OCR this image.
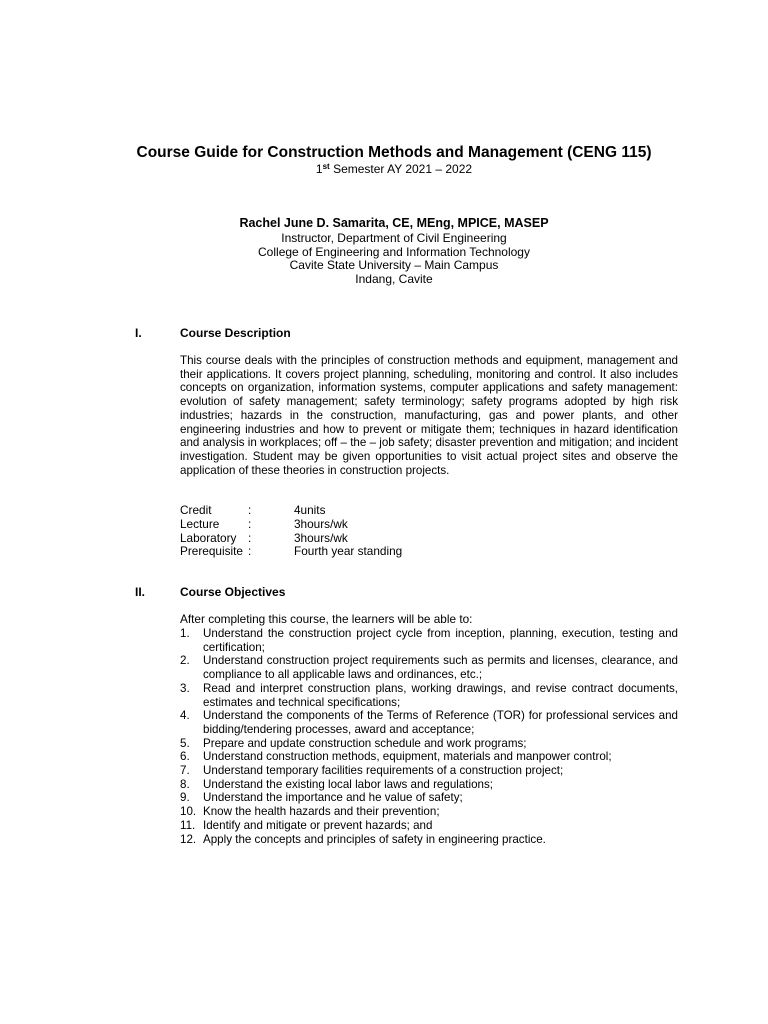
Course Guide for Construction Methods and Management (CENG 115)
1st Semester AY 2021 – 2022
Rachel June D. Samarita, CE, MEng, MPICE, MASEP
Instructor, Department of Civil Engineering
College of Engineering and Information Technology
Cavite State University – Main Campus
Indang, Cavite
I.	Course Description
This course deals with the principles of construction methods and equipment, management and their applications. It covers project planning, scheduling, monitoring and control. It also includes concepts on organization, information systems, computer applications and safety management: evolution of safety management; safety terminology; safety programs adopted by high risk industries; hazards in the construction, manufacturing, gas and power plants, and other engineering industries and how to prevent or mitigate them; techniques in hazard identification and analysis in workplaces; off – the – job safety; disaster prevention and mitigation; and incident investigation. Student may be given opportunities to visit actual project sites and observe the application of these theories in construction projects.
Credit	:	4units
Lecture :	3hours/wk
Laboratory :	3hours/wk
Prerequisite :	Fourth year standing
II.	Course Objectives
After completing this course, the learners will be able to:
1. Understand the construction project cycle from inception, planning, execution, testing and certification;
2. Understand construction project requirements such as permits and licenses, clearance, and compliance to all applicable laws and ordinances, etc.;
3. Read and interpret construction plans, working drawings, and revise contract documents, estimates and technical specifications;
4. Understand the components of the Terms of Reference (TOR) for professional services and bidding/tendering processes, award and acceptance;
5. Prepare and update construction schedule and work programs;
6. Understand construction methods, equipment, materials and manpower control;
7. Understand temporary facilities requirements of a construction project;
8. Understand the existing local labor laws and regulations;
9. Understand the importance and he value of safety;
10. Know the health hazards and their prevention;
11. Identify and mitigate or prevent hazards; and
12. Apply the concepts and principles of safety in engineering practice.
